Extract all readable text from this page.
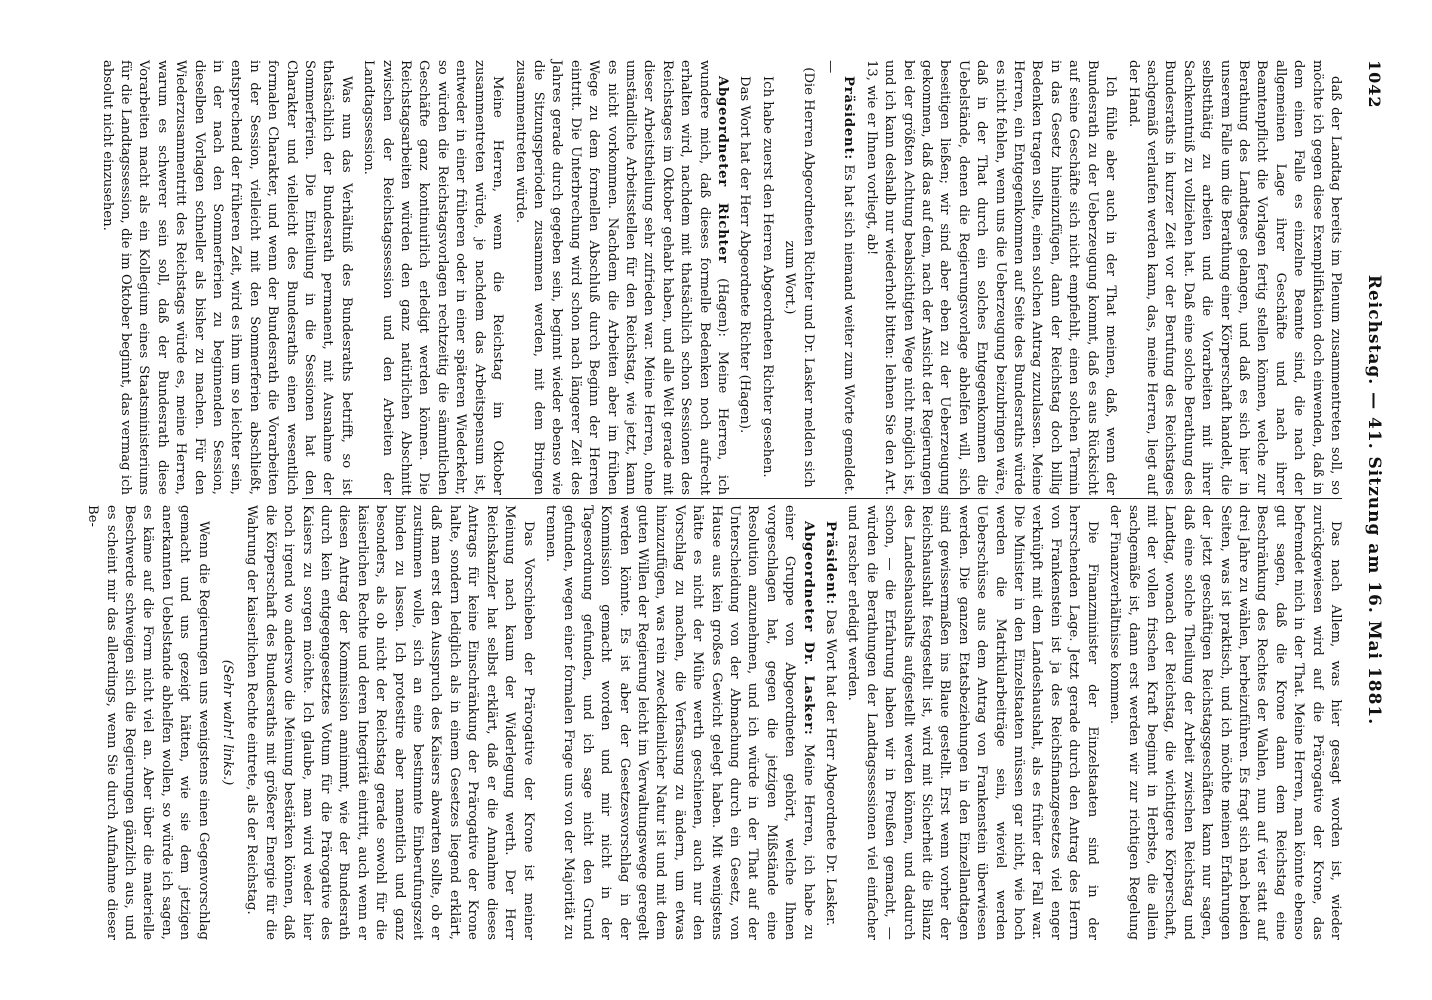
1042
Reichstag. — 41. Sitzung am 16. Mai 1881.

daß der Landtag bereits im Plenum zusammentreten soll, so möchte ich gegen diese Exemplifikation doch einwenden, daß in dem einen Falle es einzelne Beamte sind, die nach der allgemeinen Lage ihrer Geschäfte und nach ihrer Beamtenpflicht die Vorlagen fertig stellen können, welche zur Berathung des Landtages gelangen, und daß es sich hier in unserem Falle um die Berathung einer Körperschaft handelt, die selbstthätig zu arbeiten und die Vorarbeiten mit ihrer Sachkenntniß zu vollziehen hat. Daß eine solche Berathung des Bundesraths in kurzer Zeit vor der Berufung des Reichstages sachgemäß verlaufen werden kann, das, meine Herren, liegt auf der Hand.

Ich fühle aber auch in der That meinen, daß, wenn der Bundesrath zu der Ueberzeugung kommt, daß es aus Rücksicht auf seine Geschäfte sich nicht empfiehlt, einen solchen Termin in das Gesetz hineinzufügen, dann der Reichstag doch billig Bedenken tragen sollte, einen solchen Antrag zuzulassen. Meine Herren, ein Entgegenkommen auf Seite des Bundesraths würde es nicht fehlen, wenn uns die Ueberzeugung beizubringen wäre, daß in der That durch ein solches Entgegenkommen die Uebelstände, denen die Regierungsvorlage abhelfen will, sich beseitigen ließen; wir sind aber eben zu der Ueberzeugung gekommen, daß das auf dem, nach der Ansicht der Regierungen bei der größten Achtung beabsichtigten Wege nicht möglich ist, und ich kann deshalb nur wiederholt bitten: lehnen Sie den Art. 13, wie er Ihnen vorliegt, ab!

Präsident: Es hat sich niemand weiter zum Worte gemeldet. —

(Die Herren Abgeordneten Richter und Dr. Lasker melden sich zum Wort.)

Ich habe zuerst den Herren Abgeordneten Richter gesehen.

Das Wort hat der Herr Abgeordnete Richter (Hagen).

Abgeordneter Richter (Hagen): Meine Herren, ich wundere mich, daß dieses formelle Bedenken noch aufrecht erhalten wird, nachdem mit thatsächlich schon Sessionen des Reichstages im Oktober gehabt haben, und alle Welt gerade mit dieser Arbeitstheilung sehr zufrieden war. Meine Herren, ohne umständliche Arbeitsstellen für den Reichstag, wie jetzt, kann es nicht vorkommen. Nachdem die Arbeiten aber im frühen Wege zu dem formellen Abschluß durch Beginn der Herren eintritt. Die Unterbrechung wird schon nach längerer Zeit des Jahres gerade durch gegeben sein, beginnt wieder ebenso wie die Sitzungsperioden zusammen werden, mit dem Bringen zusammentreten würde.

Meine Herren, wenn die Reichstag im Oktober zusammentreten würde, je nachdem das Arbeitspensum ist, entweder in einer früheren oder in einer späteren Wiederkehr, so würden die Reichstagsvorlagen rechtzeitig die sämmtlichen Geschäfte ganz kontinuirlich erledigt werden können. Die Reichstagsarbeiten würden den ganz natürlichen Abschnitt zwischen der Reichstagssession und den Arbeiten der Landtagssession.

Was nun das Verhältniß des Bundesraths betrifft, so ist thatsächlich der Bundesrath permanent, mit Ausnahme der Sommerferien. Die Einteilung in die Sessionen hat den Charakter und vielleicht des Bundesraths einen wesentlich formalen Charakter, und wenn der Bundesrath die Vorarbeiten in der Session, vielleicht mit den Sommerferien abschließt, entsprechend der früheren Zeit, wird es ihm um so leichter sein, in der nach den Sommerferien zu beginnenden Session, dieselben Vorlagen schneller als bisher zu machen. Für den Wiederzusammentritt des Reichstags würde es, meine Herren, warum es schwerer sein soll, daß der Bundesrath diese Vorarbeiten macht als ein Kollegium eines Staatsministeriums für die Landtagssession, die im Oktober beginnt, das vermag ich absolut nicht einzusehen.

Das nach Allem, was hier gesagt worden ist, wieder zurückgewiesen wird auf die Prärogative der Krone, das befremdet mich in der That. Meine Herren, man könnte ebenso gut sagen, daß die Krone dann dem Reichstag eine Beschränkung des Rechtes der Wahlen, nun auf vier statt auf drei Jahre zu wählen, herbeizuführen. Es fragt sich nach beiden Seiten, was ist praktisch, und ich möchte meinen Erfahrungen der jetzt geschäftigen Reichstagsgeschäften kann nur sagen, daß eine solche Theilung der Arbeit zwischen Reichstag und Landtag, wonach der Reichstag, die wichtigere Körperschaft, mit der vollen frischen Kraft beginnt in Herbste, die allein sachgemäße ist, dann erst werden wir zur richtigen Regelung der Finanzverhältnisse kommen.

Die Finanzminister der Einzelstaaten sind in der herrschenden Lage. Jetzt gerade durch den Antrag des Herrn von Frankenstein ist ja des Reichsfinanzgesetzes viel enger verknüpft mit dem Landeshaushalt, als es früher der Fall war. Die Minister in den Einzelstaaten müssen gar nicht, wie hoch werden die Matrikularbeiträge sein, wieviel werden Ueberschüsse aus dem Antrag von Frankenstein überwiesen werden. Die ganzen Etatsbeziehungen in den Einzellandtagen sind gewissermaßen ins Blaue gestellt. Erst wenn vorher der Reichshaushalt festgestellt ist, wird mit Sicherheit die Bilanz des Landeshaushalts aufgestellt werden können, und dadurch schon, — die Erfahrung haben wir in Preußen gemacht, — würden die Berathungen der Landtagssessionen viel einfacher und rascher erledigt werden.

Präsident: Das Wort hat der Herr Abgeordnete Dr. Lasker.

Abgeordneter Dr. Lasker: Meine Herren, ich habe zu einer Gruppe von Abgeordneten gehört, welche Ihnen vorgeschlagen hat, gegen die jetzigen Mißstände eine Resolution anzunehmen, und ich würde in der That auf der Unterscheidung von der Abmachung durch ein Gesetz, von Hause aus kein großes Gewicht gelegt haben. Mit wenigstens hätte es nicht der Mühe werth geschienen, auch nur den Vorschlag zu machen, die Verfassung zu ändern, um etwas hinzuzufügen, was rein zweckdienlicher Natur ist und mit dem guten Willen der Regierung leicht im Verwaltungswege geregelt werden könnte. Es ist aber der Gesetzesvorschlag in der Kommission gemacht worden und mir nicht in der Tagesordnung gefunden, und ich sage nicht den Grund gefunden, wegen einer formalen Frage uns von der Majorität zu trennen.

Das Vorschieben der Prärogative der Krone ist meiner Meinung nach kaum der Widerlegung werth. Der Herr Reichskanzler hat selbst erklärt, daß er die Annahme dieses Antrags für keine Einschränkung der Prärogative der Krone halte, sondern lediglich als in einem Gesetzes liegend erklärt, daß man erst den Ausspruch des Kaisers abwarten sollte, ob er zustimmen wolle, sich an eine bestimmte Einberufungszeit binden zu lassen. Ich protestire aber namentlich und ganz besonders, als ob nicht der Reichstag gerade sowohl für die kaiserlichen Rechte und deren Integrität eintritt, auch wenn er diesen Antrag der Kommission annimmt, wie der Bundesrath durch kein entgegengesetztes Votum für die Prärogative des Kaisers zu sorgen möchte. Ich glaube, man wird weder hier noch irgend wo anderswo die Meinung bestärken können, daß die Körperschaft des Bundesraths mit größerer Energie für die Wahrung der kaiserlichen Rechte eintrete, als der Reichstag.

(Sehr wahr! links.)

Wenn die Regierungen uns wenigstens einen Gegenvorschlag gemacht und uns gezeigt hätten, wie sie dem jetzigen anerkannten Uebelstande abhelfen wollen, so würde ich sagen, es käme auf die Form nicht viel an. Aber über die materielle Beschwerde schweigen sich die Regierungen gänzlich aus, und es scheint mir das allerdings, wenn Sie durch Aufnahme dieser Be-
